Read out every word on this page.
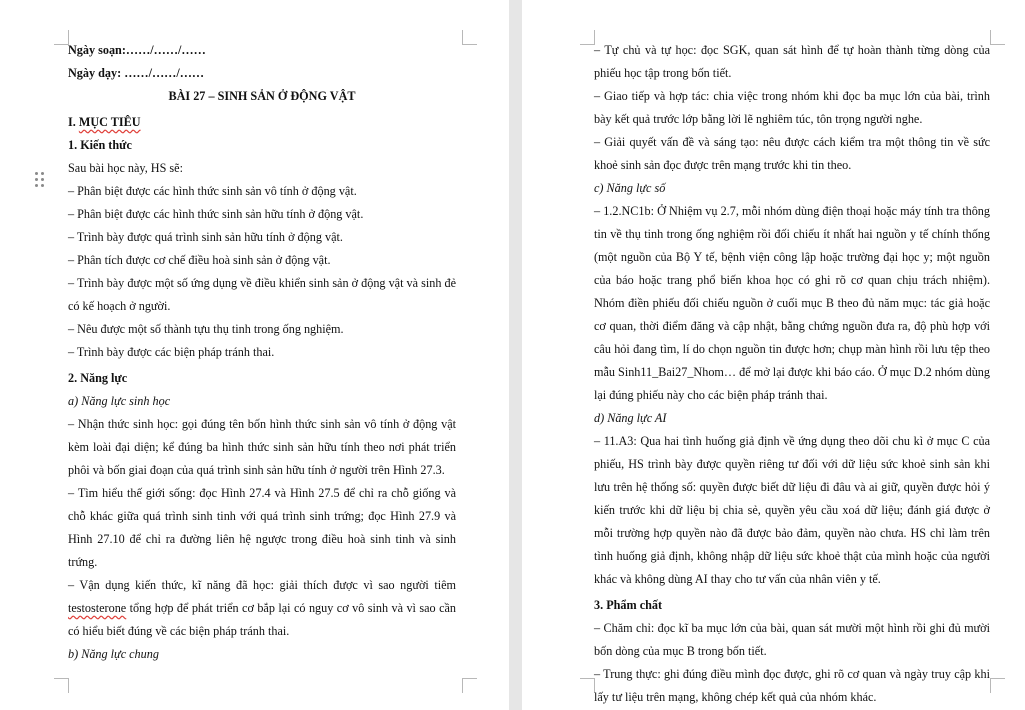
Ngày soạn:……/……/……

Ngày dạy: ……/……/……

BÀI 27 – SINH SẢN Ở ĐỘNG VẬT

I. MỤC TIÊU

1. Kiến thức

Sau bài học này, HS sẽ:

– Phân biệt được các hình thức sinh sản vô tính ở động vật.

– Phân biệt được các hình thức sinh sản hữu tính ở động vật.

– Trình bày được quá trình sinh sản hữu tính ở động vật.

– Phân tích được cơ chế điều hoà sinh sản ở động vật.

– Trình bày được một số ứng dụng về điều khiển sinh sản ở động vật và sinh đẻ có kế hoạch ở người.

– Nêu được một số thành tựu thụ tinh trong ống nghiệm.

– Trình bày được các biện pháp tránh thai.

2. Năng lực

a) Năng lực sinh học

– Nhận thức sinh học: gọi đúng tên bốn hình thức sinh sản vô tính ở động vật kèm loài đại diện; kể đúng ba hình thức sinh sản hữu tính theo nơi phát triển phôi và bốn giai đoạn của quá trình sinh sản hữu tính ở người trên Hình 27.3.

– Tìm hiểu thế giới sống: đọc Hình 27.4 và Hình 27.5 để chỉ ra chỗ giống và chỗ khác giữa quá trình sinh tinh với quá trình sinh trứng; đọc Hình 27.9 và Hình 27.10 để chỉ ra đường liên hệ ngược trong điều hoà sinh tinh và sinh trứng.

– Vận dụng kiến thức, kĩ năng đã học: giải thích được vì sao người tiêm testosterone tổng hợp để phát triển cơ bắp lại có nguy cơ vô sinh và vì sao cần có hiểu biết đúng về các biện pháp tránh thai.

b) Năng lực chung

– Tự chủ và tự học: đọc SGK, quan sát hình để tự hoàn thành từng dòng của phiếu học tập trong bốn tiết.

– Giao tiếp và hợp tác: chia việc trong nhóm khi đọc ba mục lớn của bài, trình bày kết quả trước lớp bằng lời lẽ nghiêm túc, tôn trọng người nghe.

– Giải quyết vấn đề và sáng tạo: nêu được cách kiểm tra một thông tin về sức khoẻ sinh sản đọc được trên mạng trước khi tin theo.

c) Năng lực số

– 1.2.NC1b: Ở Nhiệm vụ 2.7, mỗi nhóm dùng điện thoại hoặc máy tính tra thông tin về thụ tinh trong ống nghiệm rồi đối chiếu ít nhất hai nguồn y tế chính thống (một nguồn của Bộ Y tế, bệnh viện công lập hoặc trường đại học y; một nguồn của báo hoặc trang phổ biến khoa học có ghi rõ cơ quan chịu trách nhiệm). Nhóm điền phiếu đối chiếu nguồn ở cuối mục B theo đủ năm mục: tác giả hoặc cơ quan, thời điểm đăng và cập nhật, bằng chứng nguồn đưa ra, độ phù hợp với câu hỏi đang tìm, lí do chọn nguồn tin được hơn; chụp màn hình rồi lưu tệp theo mẫu Sinh11_Bai27_Nhom… để mở lại được khi báo cáo. Ở mục D.2 nhóm dùng lại đúng phiếu này cho các biện pháp tránh thai.

d) Năng lực AI

– 11.A3: Qua hai tình huống giả định về ứng dụng theo dõi chu kì ở mục C của phiếu, HS trình bày được quyền riêng tư đối với dữ liệu sức khoẻ sinh sản khi lưu trên hệ thống số: quyền được biết dữ liệu đi đâu và ai giữ, quyền được hỏi ý kiến trước khi dữ liệu bị chia sẻ, quyền yêu cầu xoá dữ liệu; đánh giá được ở mỗi trường hợp quyền nào đã được bảo đảm, quyền nào chưa. HS chỉ làm trên tình huống giả định, không nhập dữ liệu sức khoẻ thật của mình hoặc của người khác và không dùng AI thay cho tư vấn của nhân viên y tế.

3. Phẩm chất

– Chăm chỉ: đọc kĩ ba mục lớn của bài, quan sát mười một hình rồi ghi đủ mười bốn dòng của mục B trong bốn tiết.

– Trung thực: ghi đúng điều mình đọc được, ghi rõ cơ quan và ngày truy cập khi lấy tư liệu trên mạng, không chép kết quả của nhóm khác.
